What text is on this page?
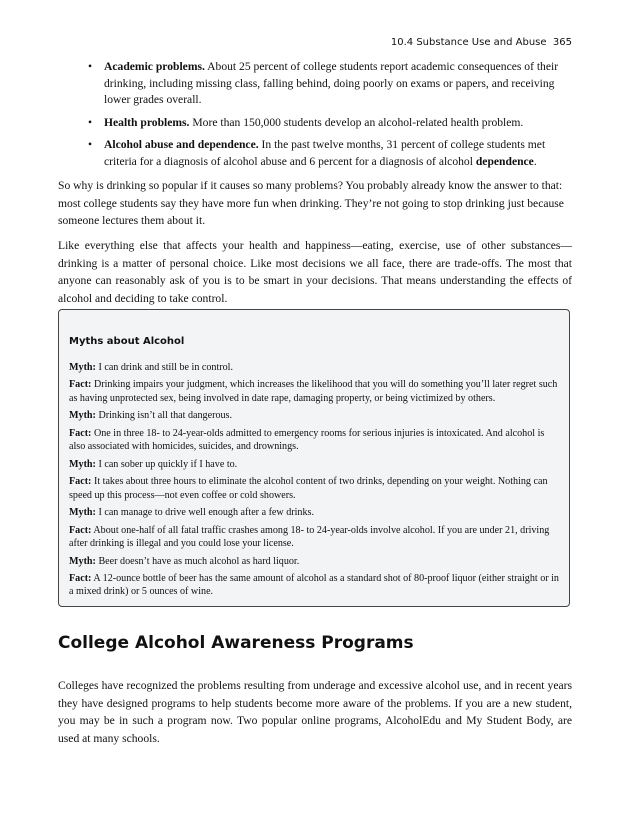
10.4 Substance Use and Abuse 365
• Academic problems. About 25 percent of college students report academic consequences of their drinking, including missing class, falling behind, doing poorly on exams or papers, and receiving lower grades overall.
• Health problems. More than 150,000 students develop an alcohol-related health problem.
• Alcohol abuse and dependence. In the past twelve months, 31 percent of college students met criteria for a diagnosis of alcohol abuse and 6 percent for a diagnosis of alcohol dependence.

So why is drinking so popular if it causes so many problems? You probably already know the answer to that: most college students say they have more fun when drinking. They’re not going to stop drinking just because someone lectures them about it.

Like everything else that affects your health and happiness—eating, exercise, use of other substances—drinking is a matter of personal choice. Like most decisions we all face, there are trade-offs. The most that anyone can reasonably ask of you is to be smart in your decisions. That means understanding the effects of alcohol and deciding to take control.

Myths about Alcohol

Myth: I can drink and still be in control.

Fact: Drinking impairs your judgment, which increases the likelihood that you will do something you’ll later regret such as having unprotected sex, being involved in date rape, damaging property, or being victimized by others.

Myth: Drinking isn’t all that dangerous.

Fact: One in three 18- to 24-year-olds admitted to emergency rooms for serious injuries is intoxicated. And alcohol is also associated with homicides, suicides, and drownings.

Myth: I can sober up quickly if I have to.

Fact: It takes about three hours to eliminate the alcohol content of two drinks, depending on your weight. Nothing can speed up this process—not even coffee or cold showers.

Myth: I can manage to drive well enough after a few drinks.

Fact: About one-half of all fatal traffic crashes among 18- to 24-year-olds involve alcohol. If you are under 21, driving after drinking is illegal and you could lose your license.

Myth: Beer doesn’t have as much alcohol as hard liquor.

Fact: A 12-ounce bottle of beer has the same amount of alcohol as a standard shot of 80-proof liquor (either straight or in a mixed drink) or 5 ounces of wine.

College Alcohol Awareness Programs

Colleges have recognized the problems resulting from underage and excessive alcohol use, and in recent years they have designed programs to help students become more aware of the problems. If you are a new student, you may be in such a program now. Two popular online programs, AlcoholEdu and My Student Body, are used at many schools.
